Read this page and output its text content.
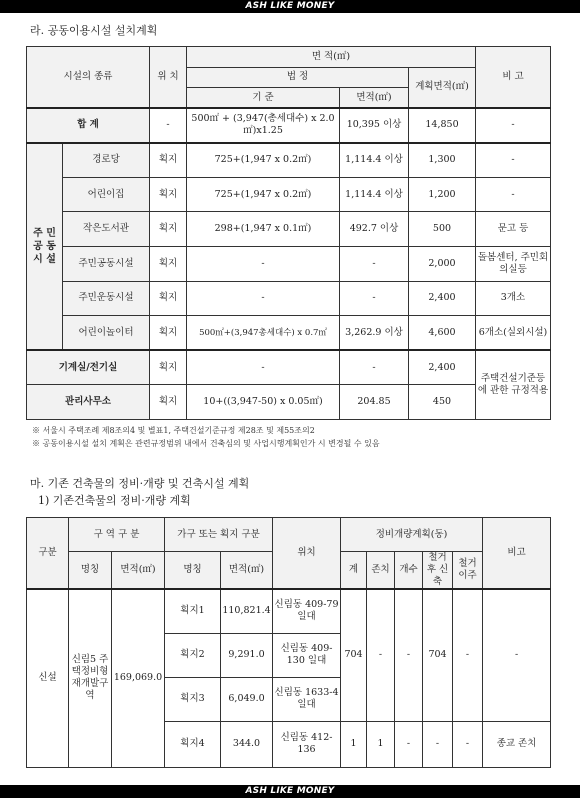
ASH LIKE MONEY
라. 공동이용시설 설치계획
시설의 종류		위 치	면 적(㎡)			비 고
			법 정		계획면적(㎡)	
			기 준	면적(㎡)		
합 계		-	500㎡ + (3,947(총세대수) x 2.0㎡)x1.25	10,395 이상	14,850	-

주 민 공 동 시 설	경로당	획지	725+(1,947 x 0.2㎡)	1,114.4 이상	1,300	-
	어린이집	획지	725+(1,947 x 0.2㎡)	1,114.4 이상	1,200	-
	작은도서관	획지	298+(1,947 x 0.1㎡)	492.7 이상	500	문고 등
	주민공동시설	획지	-	-	2,000	돌봄센터, 주민회의실등
	주민운동시설	획지	-	-	2,400	3개소
	어린이놀이터	획지	500㎡+(3,947총세대수) x 0.7㎡	3,262.9 이상	4,600	6개소(실외시설)
기계실/전기실		획지	-	-	2,400	주택건설기준등에 관한 규정적용
관리사무소		획지	10+((3,947-50) x 0.05㎡)	204.85	450	
※ 서울시 주택조례 제8조의4 및 별표1, 주택건설기준규정 제28조 및 제55조의2
※ 공동이용시설 설치 계획은 관련규정범위 내에서 건축심의 및 사업시행계획인가 시 변경될 수 있음
마. 기존 건축물의 정비·개량 및 건축시설 계획
1) 기존건축물의 정비·개량 계획
구분	구 역 구 분		가구 또는 획지 구분		위치	정비개량계획(동)					비고
	명칭	면적(㎡)	명칭	면적(㎡)		계	존치	개수	철거후 신축	철거 이주	
신설	신림5 주택정비형 재개발구역	169,069.0	획지1	110,821.4	신림동 409-79 일대	704	-	-	704	-	-
			획지2	9,291.0	신림동 409-130 일대						
			획지3	6,049.0	신림동 1633-4 일대						
			획지4	344.0	신림동 412-136	1	1	-	-	-	종교 존치
ASH LIKE MONEY
